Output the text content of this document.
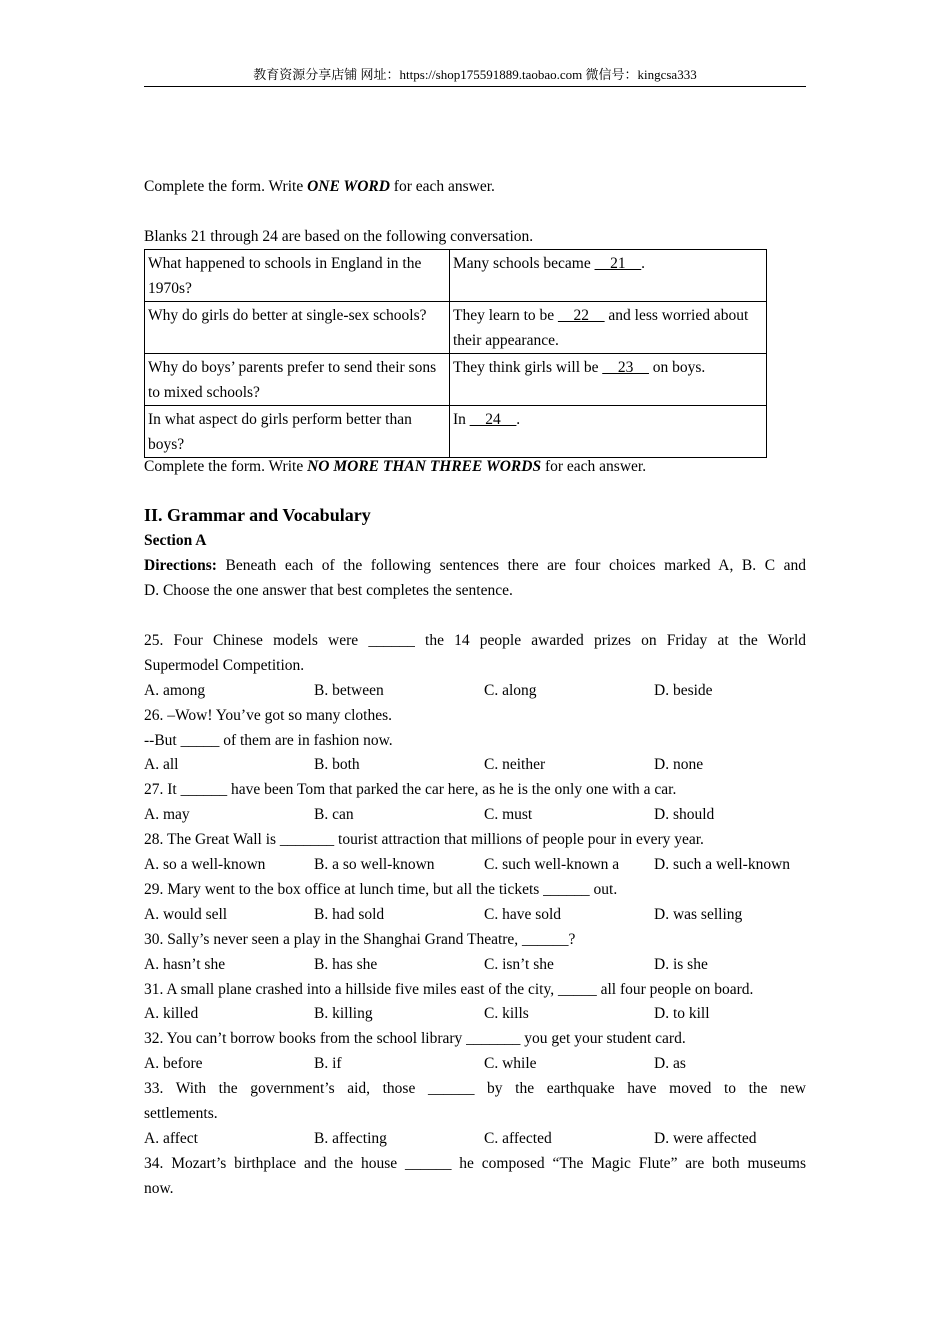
教育资源分享店铺 网址：https://shop175591889.taobao.com 微信号：kingcsa333
Complete the form. Write ONE WORD for each answer.
Blanks 21 through 24 are based on the following conversation.
What happened to schools in England in the 1970s?	Many schools became __21__.
Why do girls do better at single-sex schools?	They learn to be __22__ and less worried about their appearance.
Why do boys’ parents prefer to send their sons to mixed schools?	They think girls will be __23__ on boys.
In what aspect do girls perform better than boys?	In __24__.
Complete the form. Write NO MORE THAN THREE WORDS for each answer.
II. Grammar and Vocabulary
Section A
Directions: Beneath each of the following sentences there are four choices marked A, B. C and
D. Choose the one answer that best completes the sentence.
25. Four Chinese models were ______ the 14 people awarded prizes on Friday at the World
Supermodel Competition.
A. among	B. between	C. along	D. beside
26. –Wow! You’ve got so many clothes.
--But _____ of them are in fashion now.
A. all	B. both	C. neither	D. none
27. It ______ have been Tom that parked the car here, as he is the only one with a car.
A. may	B. can	C. must	D. should
28. The Great Wall is _______ tourist attraction that millions of people pour in every year.
A. so a well-known	B. a so well-known	C. such well-known a D. such a well-known
29. Mary went to the box office at lunch time, but all the tickets ______ out.
A. would sell	B. had sold	C. have sold	D. was selling
30. Sally’s never seen a play in the Shanghai Grand Theatre, ______?
A. hasn’t she	B. has she	C. isn’t she	D. is she
31. A small plane crashed into a hillside five miles east of the city, _____ all four people on board.
A. killed	B. killing	C. kills	D. to kill
32. You can’t borrow books from the school library _______ you get your student card.
A. before	B. if	C. while	D. as
33. With the government’s aid, those ______ by the earthquake have moved to the new
settlements.
A. affect	B. affecting	C. affected	D. were affected
34. Mozart’s birthplace and the house ______ he composed “The Magic Flute” are both museums
now.
